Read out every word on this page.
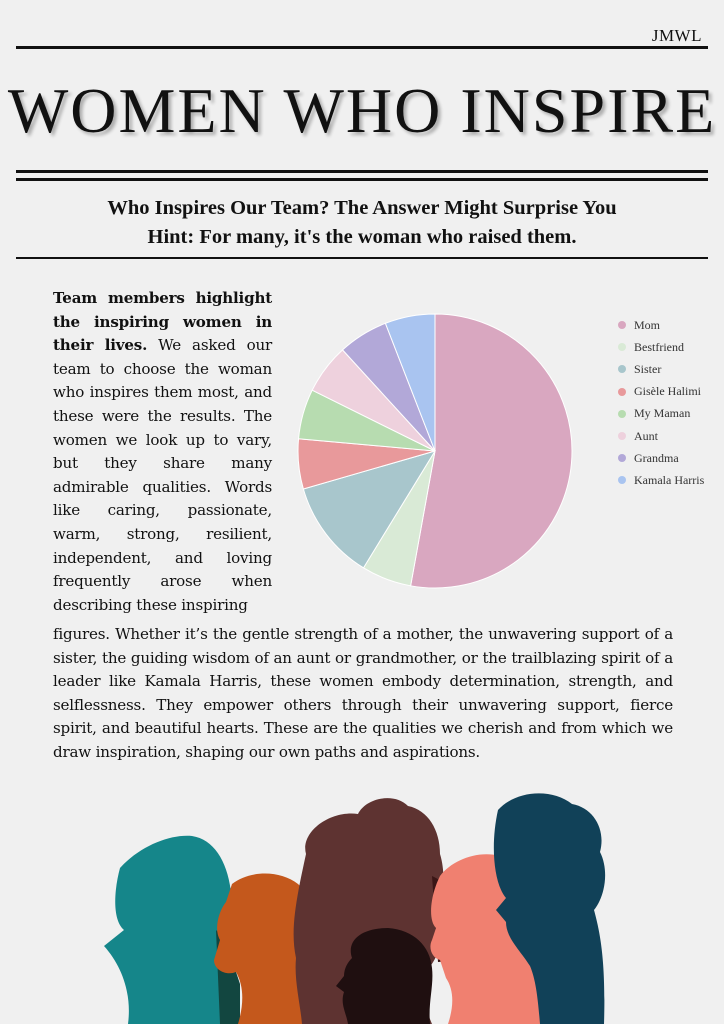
JMWL
WOMEN WHO INSPIRE
Who Inspires Our Team? The Answer Might Surprise You
Hint: For many, it's the woman who raised them.
Team members highlight the inspiring women in their lives. We asked our team to choose the woman who inspires them most, and these were the results. The women we look up to vary, but they share many admirable qualities. Words like caring, passionate, warm, strong, resilient, independent, and loving frequently arose when
describing these inspiring
Mom
Bestfriend
Sister
Gisèle Halimi
My Maman
Aunt
Grandma
Kamala Harris
figures. Whether it’s the gentle strength of a mother, the unwavering support of a sister, the guiding wisdom of an aunt or grandmother, or the trailblazing spirit of a leader like Kamala Harris, these women embody determination, strength, and selflessness. They empower others through their unwavering support, fierce spirit, and beautiful hearts. These are the qualities we cherish and from which we draw inspiration, shaping our own paths and aspirations.
